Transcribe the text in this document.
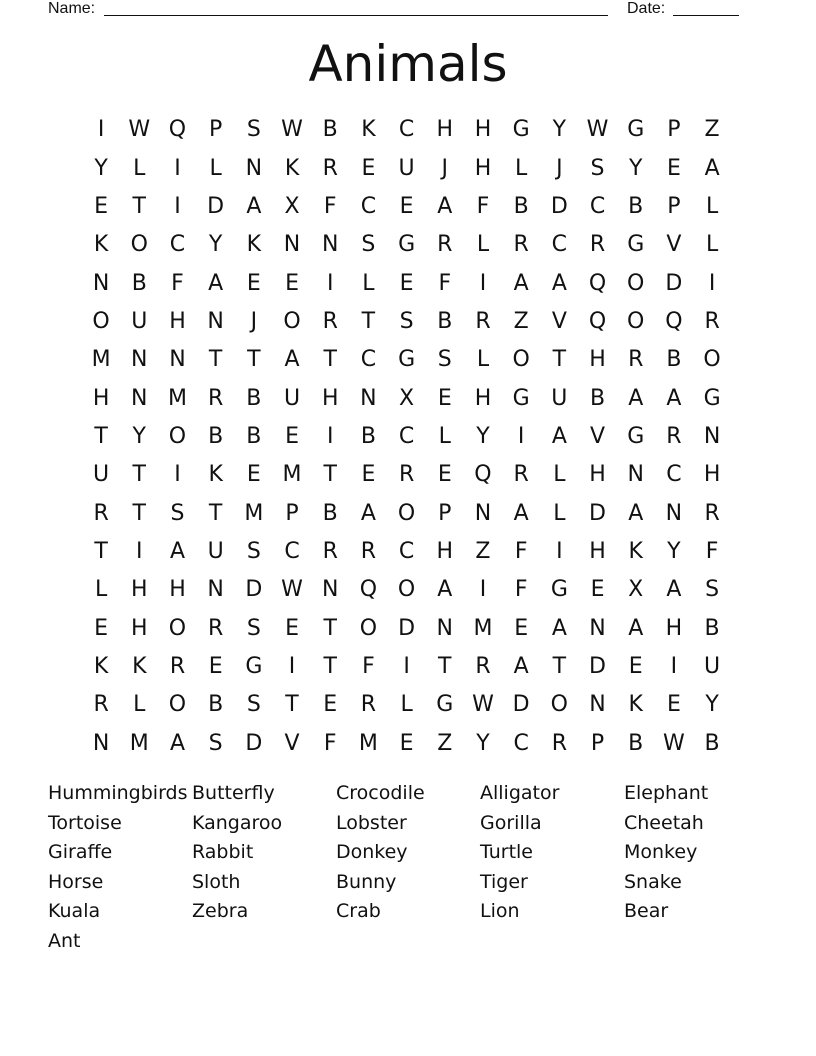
Name:	Date:
Animals
I	W Q	P	S W B	K	C	H H G	Y W G	P	Z
Y	L	I	L	N	K	R	E	U	J	H	L	J	S	Y	E	A
E	T	I	D	A	X	F	C	E	A	F	B	D	C	B	P	L
K	O C	Y	K	N N	S	G	R	L	R	C	R	G	V	L
N	B	F	A	E	E	I	L	E	F	I	A	A Q O D	I
O U H N	J	O R	T	S	B	R	Z	V Q O Q R
M N N	T	T	A	T	C G	S	L	O	T	H	R	B O
H N M R	B	U H N	X	E	H G U	B	A	A	G
T	Y	O B	B	E	I	B	C	L	Y	I	A	V	G	R	N
U	T	I	K	E M T	E	R	E	Q R	L	H N	C	H
R	T	S	T M	P	B	A O	P	N	A	L	D	A	N	R
T	I	A	U	S	C	R	R	C	H	Z	F	I	H	K	Y	F
L	H H N D W N Q O	A	I	F	G	E	X	A	S
E	H O R	S	E	T	O D N M E	A	N	A	H	B
K	K	R	E	G	I	T	F	I	T	R	A	T	D	E	I	U
R	L	O B	S	T	E	R	L	G W D O N	K	E	Y
N M A	S	D	V	F	M E	Z	Y	C	R	P	B W B
Hummingbirds Butterfly	Crocodile	Alligator	Elephant
Tortoise	Kangaroo	Lobster	Gorilla	Cheetah
Giraffe	Rabbit	Donkey	Turtle	Monkey
Horse	Sloth	Bunny	Tiger	Snake
Kuala	Zebra	Crab	Lion	Bear
Ant
